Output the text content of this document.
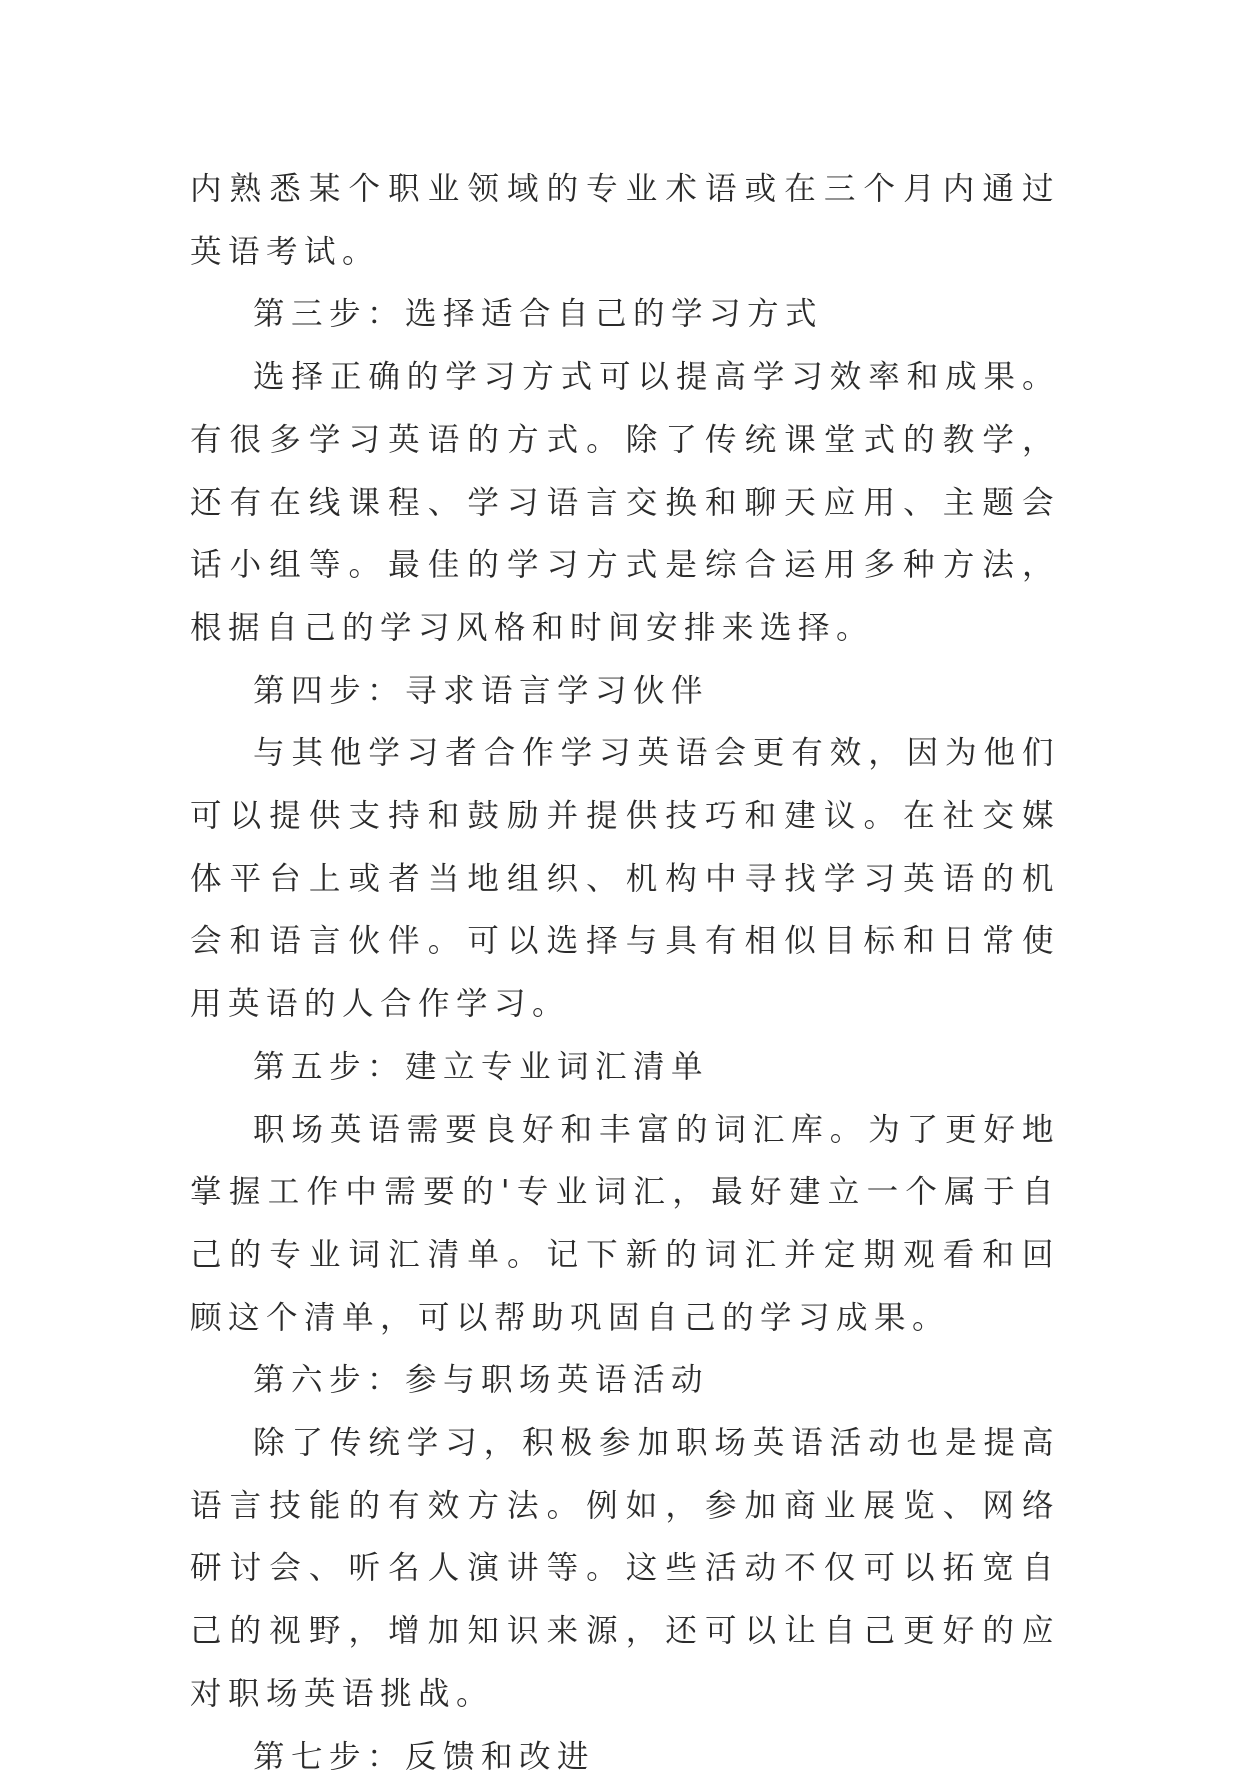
内熟悉某个职业领域的专业术语或在三个月内通过英语考试。

第三步：选择适合自己的学习方式

选择正确的学习方式可以提高学习效率和成果。有很多学习英语的方式。除了传统课堂式的教学，还有在线课程、学习语言交换和聊天应用、主题会话小组等。最佳的学习方式是综合运用多种方法，根据自己的学习风格和时间安排来选择。

第四步：寻求语言学习伙伴

与其他学习者合作学习英语会更有效，因为他们可以提供支持和鼓励并提供技巧和建议。在社交媒体平台上或者当地组织、机构中寻找学习英语的机会和语言伙伴。可以选择与具有相似目标和日常使用英语的人合作学习。

第五步：建立专业词汇清单

职场英语需要良好和丰富的词汇库。为了更好地掌握工作中需要的'专业词汇，最好建立一个属于自己的专业词汇清单。记下新的词汇并定期观看和回顾这个清单，可以帮助巩固自己的学习成果。

第六步：参与职场英语活动

除了传统学习，积极参加职场英语活动也是提高语言技能的有效方法。例如，参加商业展览、网络研讨会、听名人演讲等。这些活动不仅可以拓宽自己的视野，增加知识来源，还可以让自己更好的应对职场英语挑战。

第七步：反馈和改进
